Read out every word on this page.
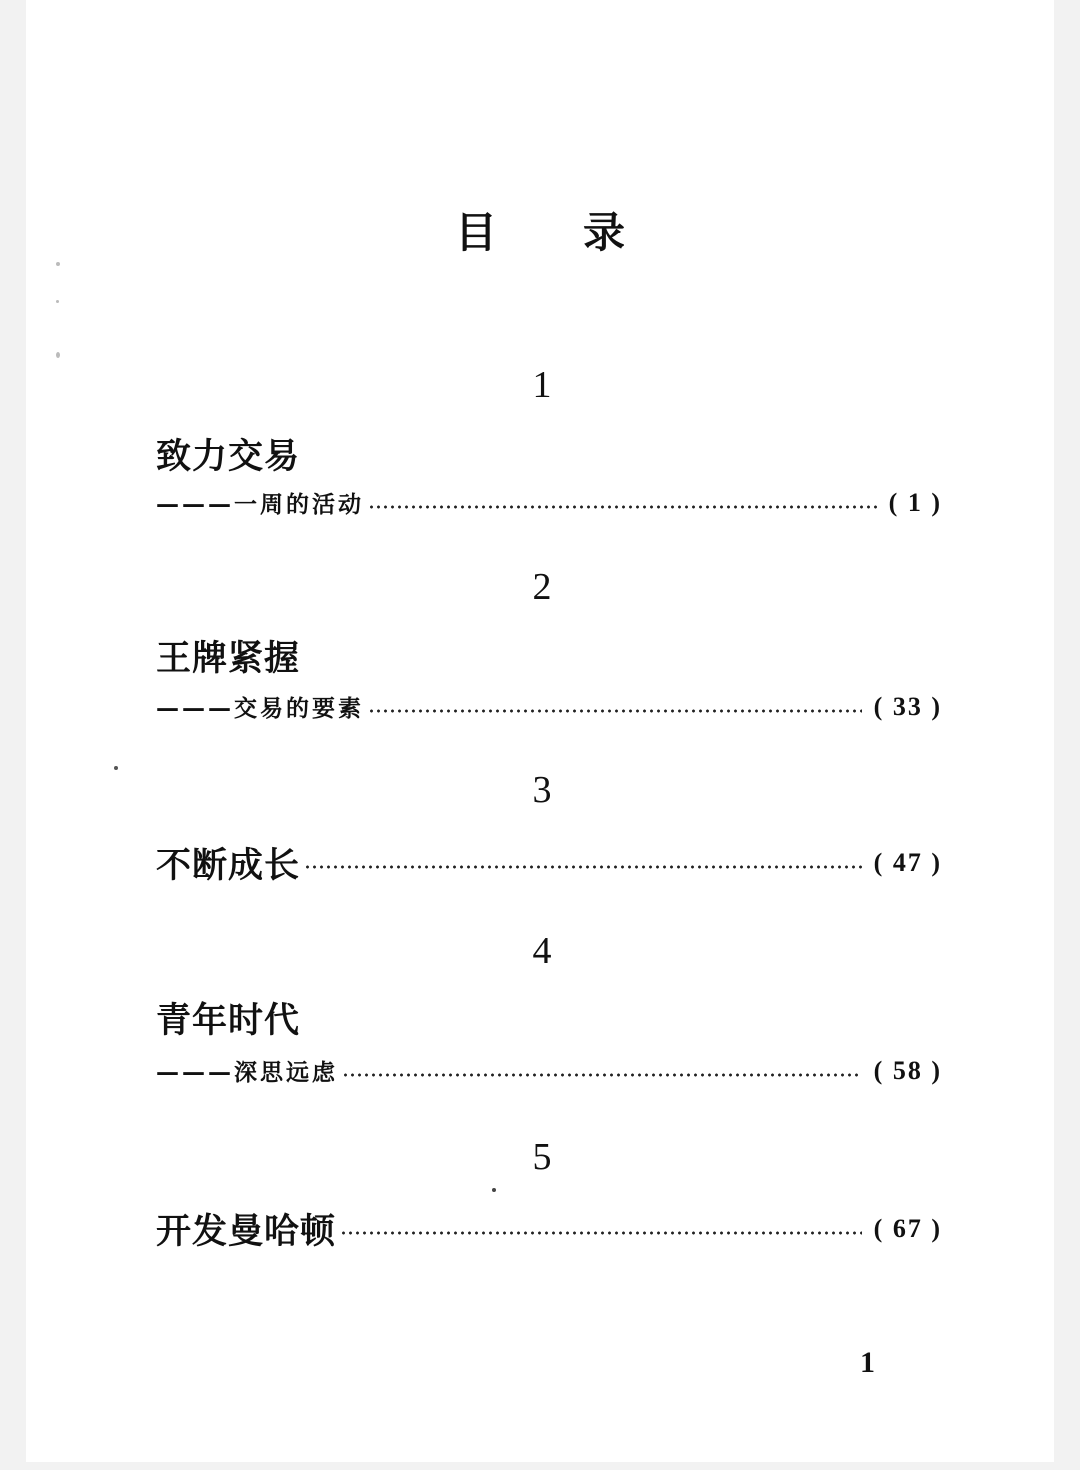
目 录
1
致力交易
———一周的活动	( 1 )
2
王牌紧握
———交易的要素	( 33 )
3
不断成长	( 47 )
4
青年时代
———深思远虑	( 58 )
5
开发曼哈顿	( 67 )
1
